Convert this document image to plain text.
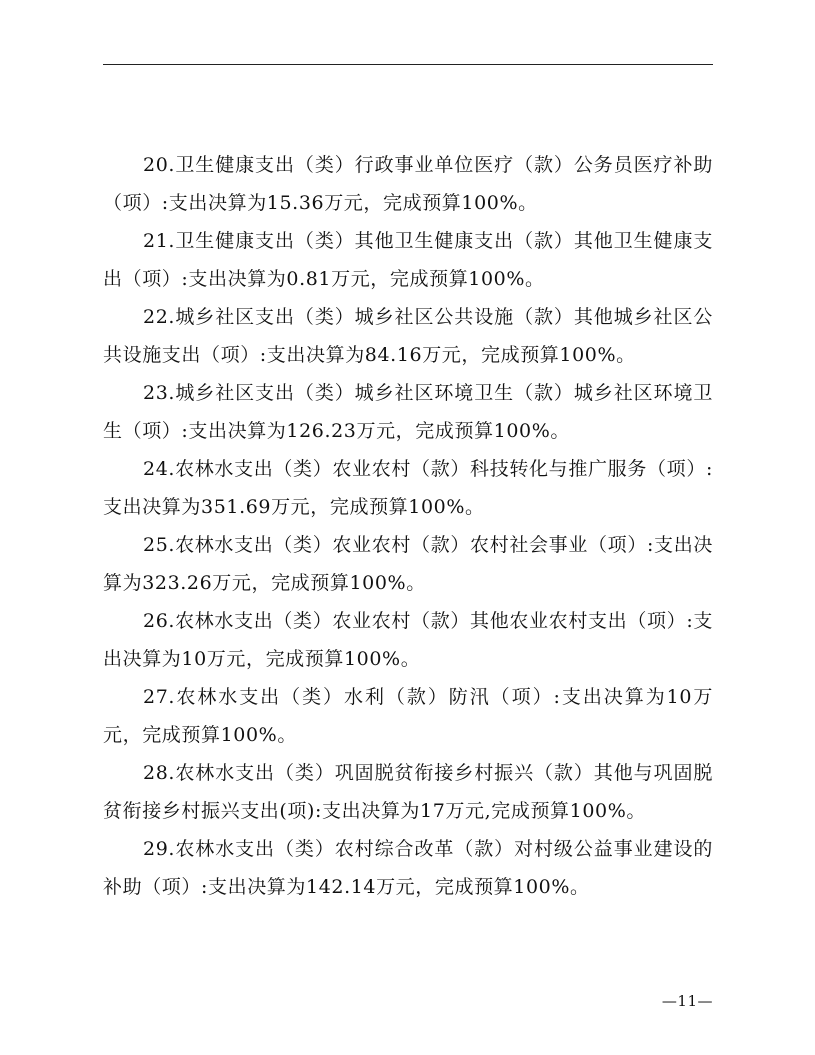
20.卫生健康支出（类）行政事业单位医疗（款）公务员医疗补助（项）:支出决算为15.36万元，完成预算100%。

21.卫生健康支出（类）其他卫生健康支出（款）其他卫生健康支出（项）:支出决算为0.81万元，完成预算100%。

22.城乡社区支出（类）城乡社区公共设施（款）其他城乡社区公共设施支出（项）:支出决算为84.16万元，完成预算100%。

23.城乡社区支出（类）城乡社区环境卫生（款）城乡社区环境卫生（项）:支出决算为126.23万元，完成预算100%。

24.农林水支出（类）农业农村（款）科技转化与推广服务（项）:支出决算为351.69万元，完成预算100%。

25.农林水支出（类）农业农村（款）农村社会事业（项）:支出决算为323.26万元，完成预算100%。

26.农林水支出（类）农业农村（款）其他农业农村支出（项）:支出决算为10万元，完成预算100%。

27.农林水支出（类）水利（款）防汛（项）:支出决算为10万元，完成预算100%。

28.农林水支出（类）巩固脱贫衔接乡村振兴（款）其他与巩固脱贫衔接乡村振兴支出(项):支出决算为17万元,完成预算100%。

29.农林水支出（类）农村综合改革（款）对村级公益事业建设的补助（项）:支出决算为142.14万元，完成预算100%。

—11—
